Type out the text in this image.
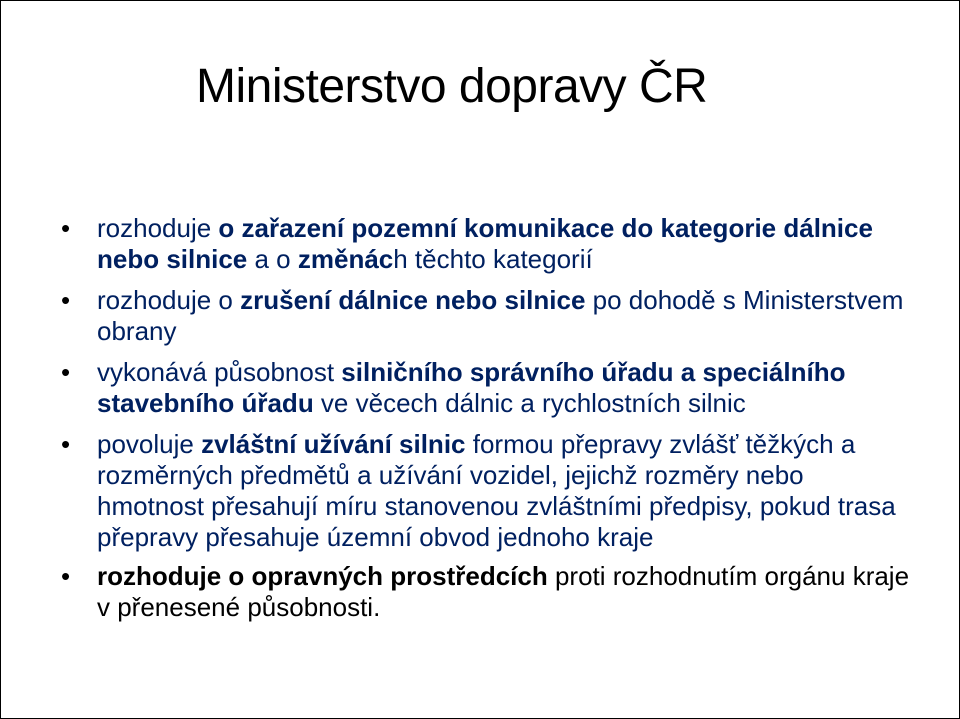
Ministerstvo dopravy ČR
•	rozhoduje o zařazení pozemní komunikace do kategorie dálnice nebo silnice a o změnách těchto kategorií
•	rozhoduje o zrušení dálnice nebo silnice po dohodě s Ministerstvem obrany
•	vykonává působnost silničního správního úřadu a speciálního stavebního úřadu ve věcech dálnic a rychlostních silnic
•	povoluje zvláštní užívání silnic formou přepravy zvlášť těžkých a rozměrných předmětů a užívání vozidel, jejichž rozměry nebo hmotnost přesahují míru stanovenou zvláštními předpisy, pokud trasa přepravy přesahuje územní obvod jednoho kraje
•	rozhoduje o opravných prostředcích proti rozhodnutím orgánu kraje v přenesené působnosti.
